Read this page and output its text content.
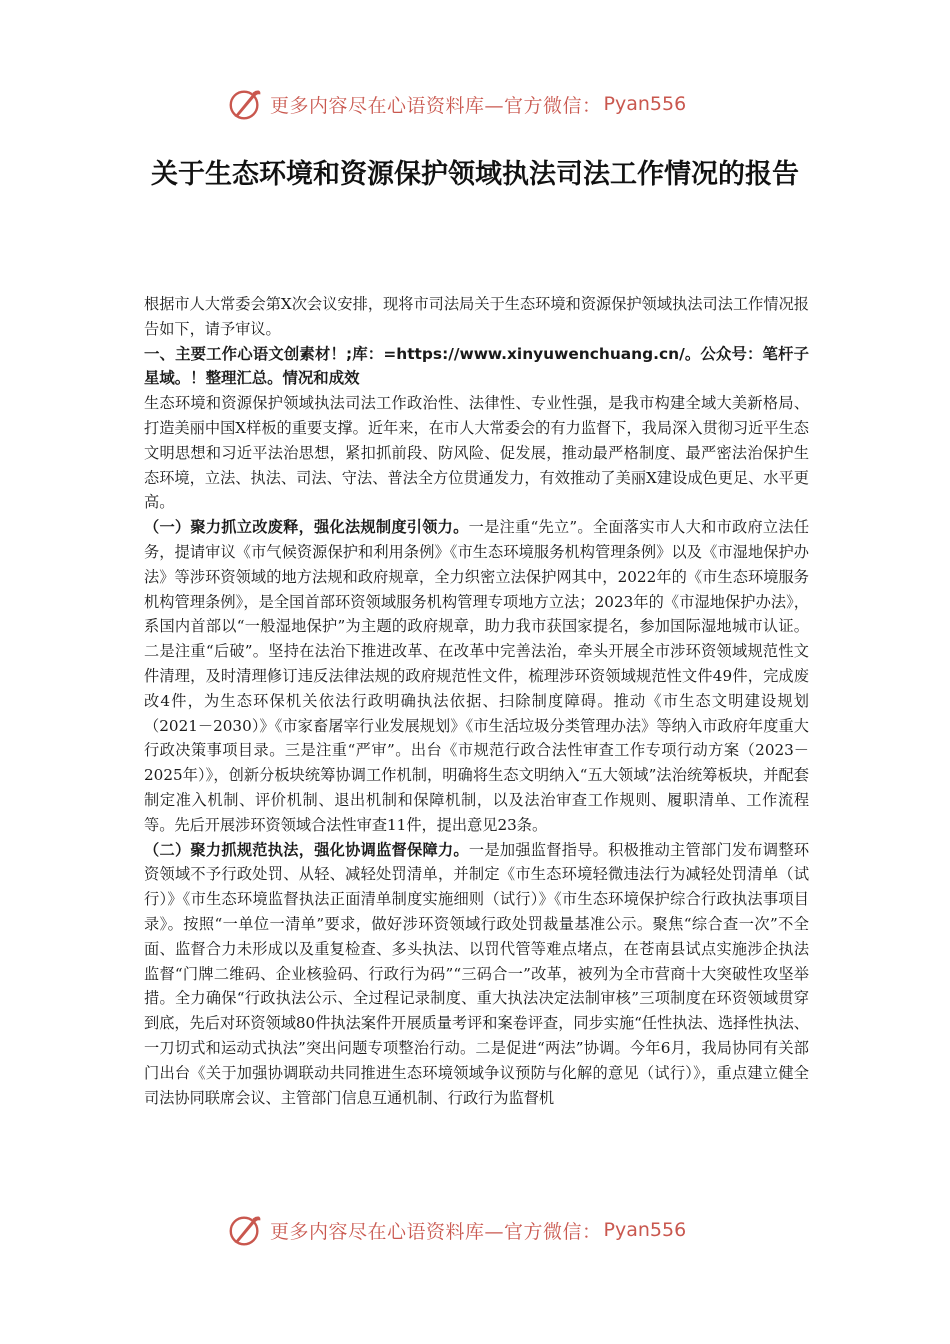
更多内容尽在心语资料库—官方微信： Pyan556
关于生态环境和资源保护领域执法司法工作情况的报告

根据市人大常委会第X次会议安排，现将市司法局关于生态环境和资源保护领域执法司法工作情况报告如下，请予审议。

一、主要工作心语文创素材！;库：=https://www.xinyuwenchuang.cn/。公众号：笔杆子星域。！整理汇总。情况和成效

生态环境和资源保护领域执法司法工作政治性、法律性、专业性强，是我市构建全域大美新格局、打造美丽中国X样板的重要支撑。近年来，在市人大常委会的有力监督下，我局深入贯彻习近平生态文明思想和习近平法治思想，紧扣抓前段、防风险、促发展，推动最严格制度、最严密法治保护生态环境，立法、执法、司法、守法、普法全方位贯通发力，有效推动了美丽X建设成色更足、水平更高。

（一）聚力抓立改废释，强化法规制度引领力。一是注重“先立”。全面落实市人大和市政府立法任务，提请审议《市气候资源保护和利用条例》《市生态环境服务机构管理条例》以及《市湿地保护办法》等涉环资领域的地方法规和政府规章，全力织密立法保护网其中，2022年的《市生态环境服务机构管理条例》，是全国首部环资领域服务机构管理专项地方立法；2023年的《市湿地保护办法》，系国内首部以“一般湿地保护”为主题的政府规章，助力我市获国家提名，参加国际湿地城市认证。二是注重“后破”。坚持在法治下推进改革、在改革中完善法治，牵头开展全市涉环资领域规范性文件清理，及时清理修订违反法律法规的政府规范性文件，梳理涉环资领域规范性文件49件，完成废改4件，为生态环保机关依法行政明确执法依据、扫除制度障碍。推动《市生态文明建设规划（2021－2030）》《市家畜屠宰行业发展规划》《市生活垃圾分类管理办法》等纳入市政府年度重大行政决策事项目录。三是注重“严审”。出台《市规范行政合法性审查工作专项行动方案（2023－2025年）》，创新分板块统筹协调工作机制，明确将生态文明纳入“五大领域”法治统筹板块，并配套制定准入机制、评价机制、退出机制和保障机制，以及法治审查工作规则、履职清单、工作流程等。先后开展涉环资领域合法性审查11件，提出意见23条。

（二）聚力抓规范执法，强化协调监督保障力。一是加强监督指导。积极推动主管部门发布调整环资领域不予行政处罚、从轻、减轻处罚清单，并制定《市生态环境轻微违法行为减轻处罚清单（试行）》《市生态环境监督执法正面清单制度实施细则（试行）》《市生态环境保护综合行政执法事项目录》。按照“一单位一清单”要求，做好涉环资领域行政处罚裁量基准公示。聚焦“综合查一次”不全面、监督合力未形成以及重复检查、多头执法、以罚代管等难点堵点，在苍南县试点实施涉企执法监督“门牌二维码、企业核验码、行政行为码”“三码合一”改革，被列为全市营商十大突破性攻坚举措。全力确保“行政执法公示、全过程记录制度、重大执法决定法制审核”三项制度在环资领域贯穿到底，先后对环资领域80件执法案件开展质量考评和案卷评查，同步实施“任性执法、选择性执法、一刀切式和运动式执法”突出问题专项整治行动。二是促进“两法”协调。今年6月，我局协同有关部门出台《关于加强协调联动共同推进生态环境领域争议预防与化解的意见（试行）》，重点建立健全司法协同联席会议、主管部门信息互通机制、行政行为监督机

更多内容尽在心语资料库—官方微信： Pyan556
